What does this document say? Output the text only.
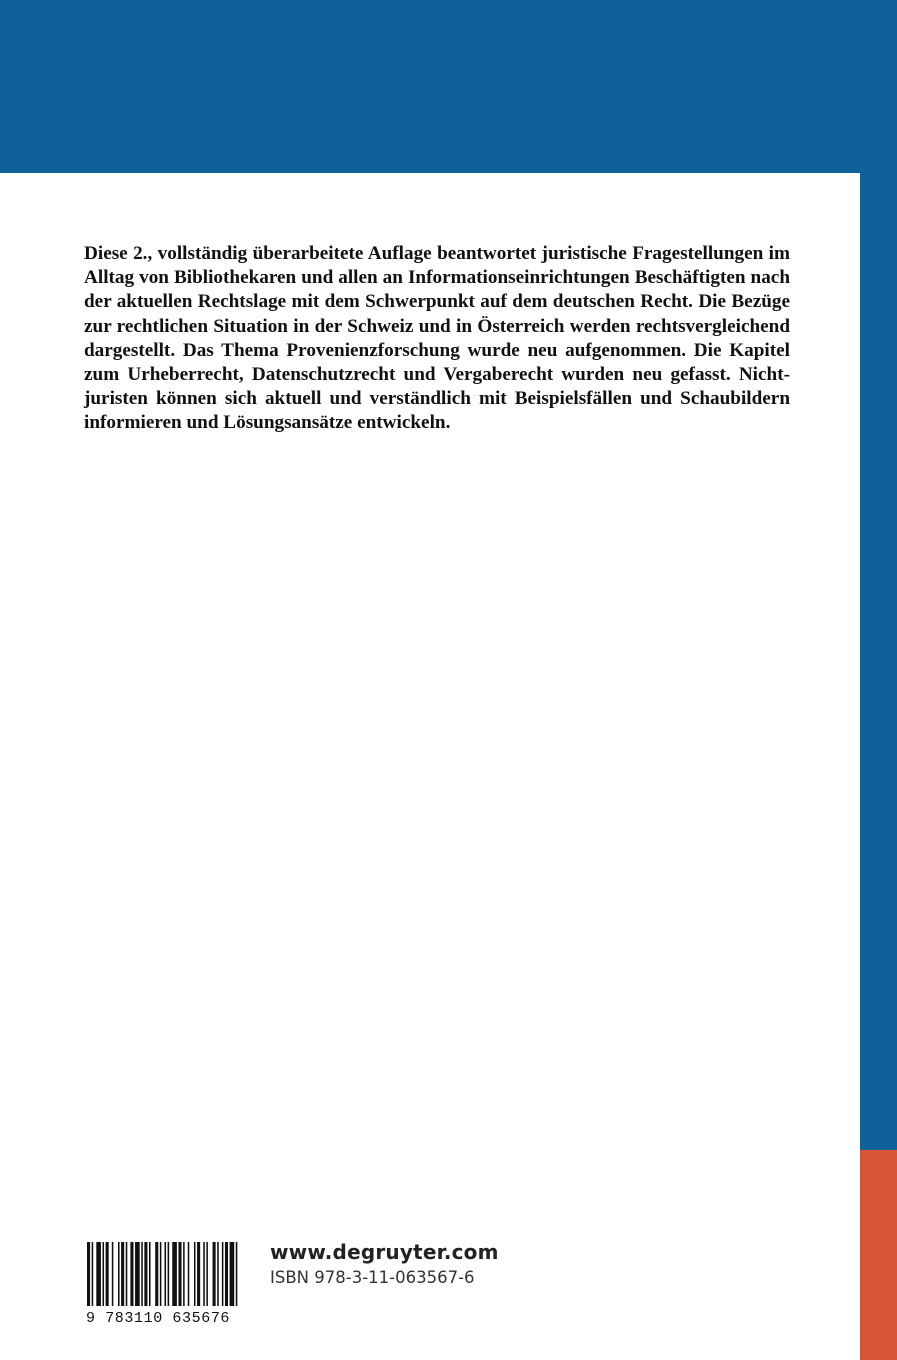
Diese 2., vollständig überarbeitete Auflage beantwortet juristische Fragestellungen im Alltag von Bibliothekaren und allen an Informationseinrichtungen Beschäftigten nach der aktuellen Rechtslage mit dem Schwerpunkt auf dem deutschen Recht. Die Bezüge zur rechtlichen Situation in der Schweiz und in Österreich werden rechtsvergleichend dargestellt. Das Thema Provenienzforschung wurde neu aufgenommen. Die Kapitel zum Urheberrecht, Datenschutzrecht und Vergaberecht wurden neu gefasst. Nichtjuristen können sich aktuell und verständlich mit Beispielsfällen und Schaubildern informieren und Lösungsansätze entwickeln.

9 783110 635676
www.degruyter.com
ISBN 978-3-11-063567-6
